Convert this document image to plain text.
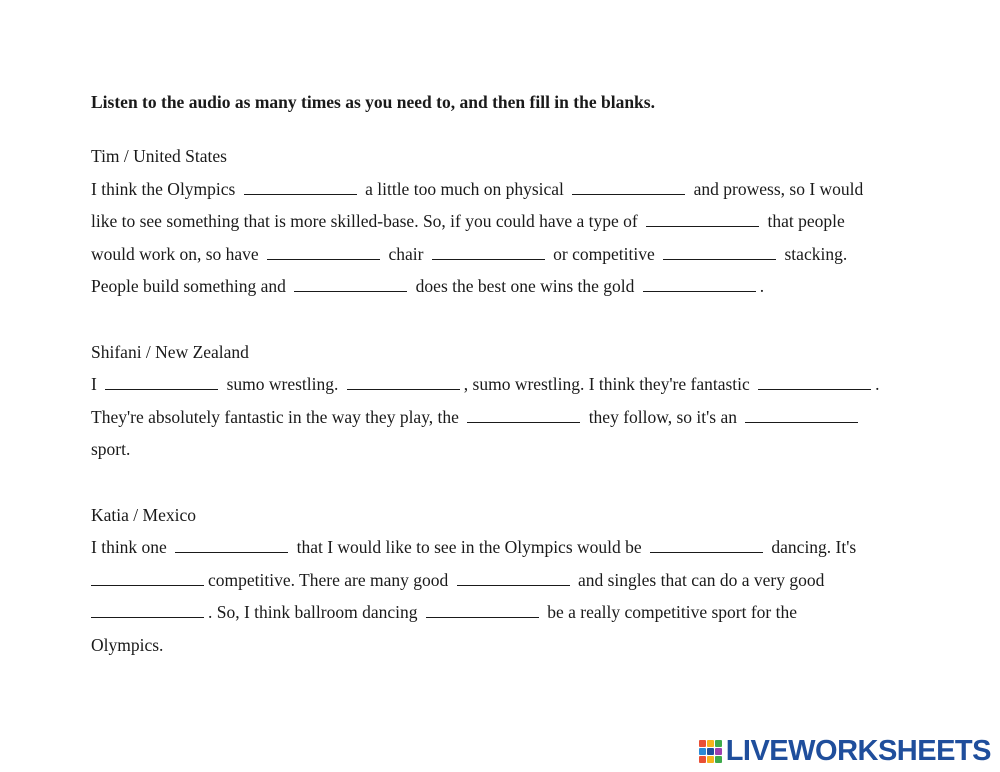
Listen to the audio as many times as you need to, and then fill in the blanks.

Tim / United States
I think the Olympics	a little too much on physical	and prowess, so I would
like to see something that is more skilled-base. So, if you could have a type of	that people
would work on, so have	chair	or competitive	stacking.
People build something and	does the best one wins the gold	.
Shifani / New Zealand
I	sumo wrestling.	, sumo wrestling. I think they're fantastic	.
They're absolutely fantastic in the way they play, the	they follow, so it's an
sport.
Katia / Mexico
I think one	that I would like to see in the Olympics would be	dancing. It's
competitive. There are many good	and singles that can do a very good
. So, I think ballroom dancing	be a really competitive sport for the
Olympics.
LIVEWORKSHEETS
